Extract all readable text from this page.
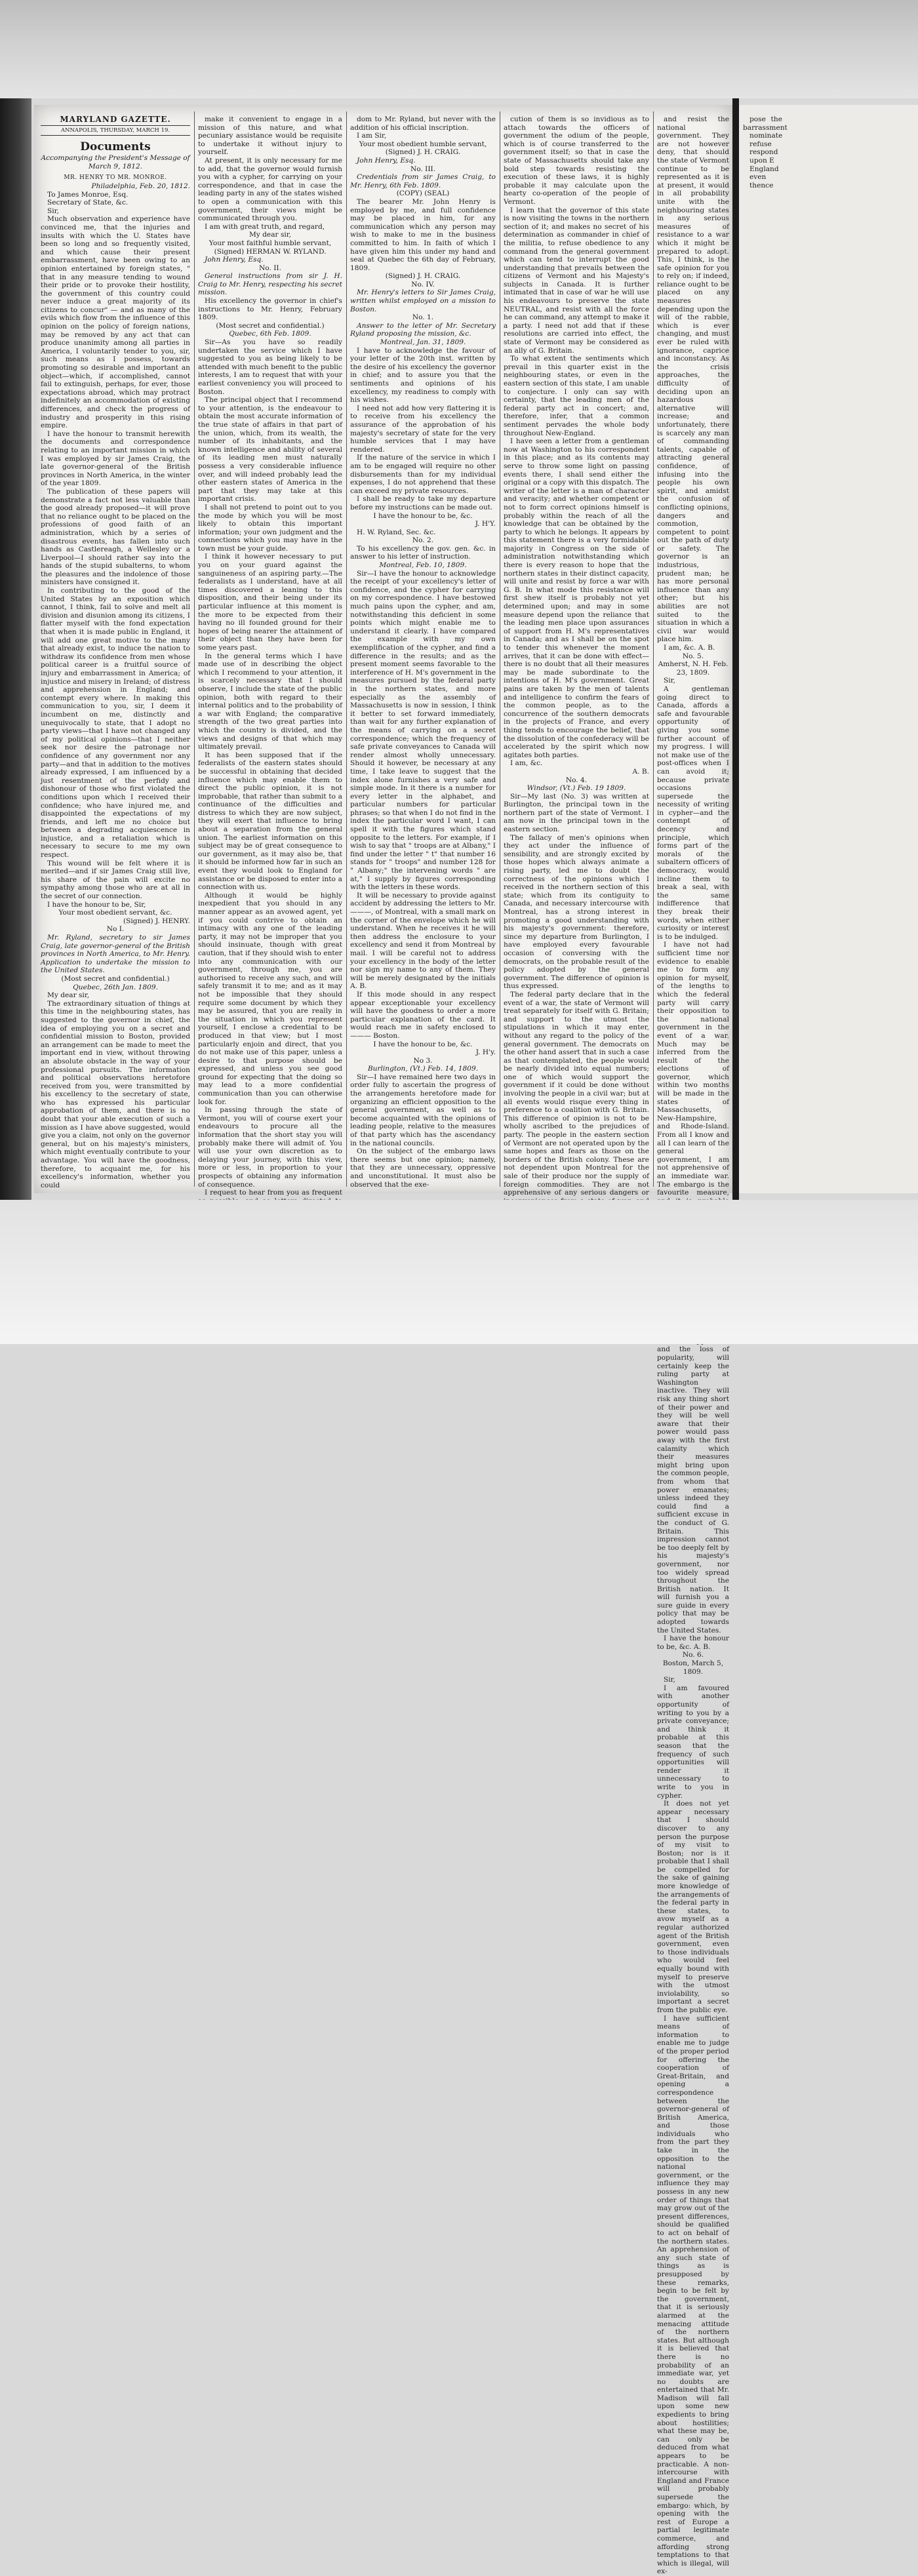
MARYLAND GAZETTE.

ANNAPOLIS, THURSDAY, MARCH 19.

Documents

Accompanying the President's Message of March 9, 1812.

MR. HENRY TO MR. MONROE.

Philadelphia, Feb. 20, 1812.

To James Monroe, Esq.

Secretary of State, &c.

Sir,

Much observation and experience have convinced me, that the injuries and insults with which the U. States have been so long and so frequently visited, and which cause their present embarrassment, have been owing to an opinion entertained by foreign states, " that in any measure tending to wound their pride or to provoke their hostility, the government of this country could never induce a great majority of its citizens to concur" — and as many of the evils which flow from the influence of this opinion on the policy of foreign nations, may be removed by any act that can produce unanimity among all parties in America, I voluntarily tender to you, sir, such means as I possess, towards promoting so desirable and important an object—which, if accomplished, cannot fail to extinguish, perhaps, for ever, those expectations abroad, which may protract indefinitely an accommodation of existing differences, and check the progress of industry and prosperity in this rising empire.

I have the honour to transmit herewith the documents and correspondence relating to an important mission in which I was employed by sir James Craig, the late governor-general of the British provinces in North America, in the winter of the year 1809.

The publication of these papers will demonstrate a fact not less valuable than the good already proposed—it will prove that no reliance ought to be placed on the professions of good faith of an administration, which by a series of disastrous events, has fallen into such hands as Castlereagh, a Wellesley or a Liverpool—I should rather say into the hands of the stupid subalterns, to whom the pleasures and the indolence of those ministers have consigned it.

In contributing to the good of the United States by an exposition which cannot, I think, fail to solve and melt all division and disunion among its citizens, I flatter myself with the fond expectation that when it is made public in England, it will add one great motive to the many that already exist, to induce the nation to withdraw its confidence from men whose political career is a fruitful source of injury and embarrassment in America; of injustice and misery in Ireland; of distress and apprehension in England; and contempt every where. In making this communication to you, sir, I deem it incumbent on me, distinctly and unequivocally to state, that I adopt no party views—that I have not changed any of my political opinions—that I neither seek nor desire the patronage nor confidence of any government nor any party—and that in addition to the motives already expressed, I am influenced by a just resentment of the perfidy and dishonour of those who first violated the conditions upon which I received their confidence; who have injured me, and disappointed the expectations of my friends, and left me no choice but between a degrading acquiescence in injustice, and a retaliation which is necessary to secure to me my own respect.

This wound will be felt where it is merited—and if sir James Craig still live, his share of the pain will excite no sympathy among those who are at all in the secret of our connection.

I have the honour to be, Sir,

Your most obedient servant, &c.

(Signed) J. HENRY.

No I.

Mr. Ryland, secretary to sir James Craig, late governor-general of the British provinces in North America, to Mr. Henry. Application to undertake the mission to the United States.

(Most secret and confidential.)

Quebec, 26th Jan. 1809.

My dear sir,

The extraordinary situation of things at this time in the neighbouring states, has suggested to the governor in chief, the idea of employing you on a secret and confidential mission to Boston, provided an arrangement can be made to meet the important end in view, without throwing an absolute obstacle in the way of your professional pursuits. The information and political observations heretofore received from you, were transmitted by his excellency to the secretary of state, who has expressed his particular approbation of them, and there is no doubt that your able execution of such a mission as I have above suggested, would give you a claim, not only on the governor general, but on his majesty's ministers, which might eventually contribute to your advantage. You will have the goodness, therefore, to acquaint me, for his excellency's information, whether you could

make it convenient to engage in a mission of this nature, and what pecuniary assistance would be requisite to undertake it without injury to yourself.

At present, it is only necessary for me to add, that the governor would furnish you with a cypher, for carrying on your correspondence, and that in case the leading party in any of the states wished to open a communication with this government, their views might be communicated through you.

I am with great truth, and regard,

My dear sir,

Your most faithful humble servant,

(Signed) HERMAN W. RYLAND.

John Henry, Esq.

No. II.

General instructions from sir J. H. Craig to Mr. Henry, respecting his secret mission.

His excellency the governor in chief's instructions to Mr. Henry, February 1809.

(Most secret and confidential.)

Quebec, 6th Feb. 1809.

Sir—As you have so readily undertaken the service which I have suggested to you as being likely to be attended with much benefit to the public interests, I am to request that with your earliest conveniency you will proceed to Boston.

The principal object that I recommend to your attention, is the endeavour to obtain the most accurate information of the true state of affairs in that part of the union, which, from its wealth, the number of its inhabitants, and the known intelligence and ability of several of its leading men must naturally possess a very considerable influence over, and will indeed probably lead the other eastern states of America in the part that they may take at this important crisis.

I shall not pretend to point out to you the mode by which you will be most likely to obtain this important information; your own judgment and the connections which you may have in the town must be your guide.

I think it however necessary to put you on your guard against the sanguineness of an aspiring party.—The federalists as I understand, have at all times discovered a leaning to this disposition, and their being under its particular influence at this moment is the more to be expected from their having no ill founded ground for their hopes of being nearer the attainment of their object than they have been for some years past.

In the general terms which I have made use of in describing the object which I recommend to your attention, it is scarcely necessary that I should observe, I include the state of the public opinion, both with regard to their internal politics and to the probability of a war with England; the comparative strength of the two great parties into which the country is divided, and the views and designs of that which may ultimately prevail.

It has been supposed that if the federalists of the eastern states should be successful in obtaining that decided influence which may enable them to direct the public opinion, it is not improbable, that rather than submit to a continuance of the difficulties and distress to which they are now subject, they will exert that influence to bring about a separation from the general union. The earliest information on this subject may be of great consequence to our government, as it may also be, that it should be informed how far in such an event they would look to England for assistance or be disposed to enter into a connection with us.

Although it would be highly inexpedient that you should in any manner appear as an avowed agent, yet if you could contrive to obtain an intimacy with any one of the leading party, it may not be improper that you should insinuate, though with great caution, that if they should wish to enter into any communication with our government, through me, you are authorised to receive any such, and will safely transmit it to me; and as it may not be impossible that they should require some document by which they may be assured, that you are really in the situation in which you represent yourself, I enclose a credential to be produced in that view; but I most particularly enjoin and direct, that you do not make use of this paper, unless a desire to that purpose should be expressed, and unless you see good ground for expecting that the doing so may lead to a more confidential communication than you can otherwise look for.

In passing through the state of Vermont, you will of course exert your endeavours to procure all the information that the short stay you will probably make there will admit of. You will use your own discretion as to delaying your journey, with this view, more or less, in proportion to your prospects of obtaining any information of consequence.

I request to hear from you as frequent

dom to Mr. Ryland, but never with the addition of his official inscription.

I am Sir,

Your most obedient humble servant,

(Signed) J. H. CRAIG.

John Henry, Esq.

No. III.

Credentials from sir James Craig, to Mr. Henry, 6th Feb. 1809.

(COPY) (SEAL)

The bearer Mr. John Henry is employed by me, and full confidence may be placed in him, for any communication which any person may wish to make to me in the business committed to him. In faith of which I have given him this under my hand and seal at Quebec the 6th day of February, 1809.

(Signed) J. H. CRAIG.

No. IV.

Mr. Henry's letters to Sir James Craig, written whilst employed on a mission to Boston.

No. 1.

Answer to the letter of Mr. Secretary Ryland proposing the mission, &c.

Montreal, Jan. 31, 1809.

I have to acknowledge the favour of your letter of the 20th inst. written by the desire of his excellency the governor in chief; and to assure you that the sentiments and opinions of his excellency, my readiness to comply with his wishes.

I need not add how very flattering it is to receive from his excellency the assurance of the approbation of his majesty's secretary of state for the very humble services that I may have rendered.

If the nature of the service in which I am to be engaged will require no other disbursements than for my individual expenses, I do not apprehend that these can exceed my private resources.

I shall be ready to take my departure before my instructions can be made out.

I have the honour to be, &c.

J. H'Y.

H. W. Ryland, Sec. &c.

No. 2.

To his excellency the gov. gen. &c. in answer to his letter of instruction.

Montreal, Feb. 10, 1809.

Sir—I have the honour to acknowledge the receipt of your excellency's letter of confidence, and the cypher for carrying on my correspondence. I have bestowed much pains upon the cypher, and am, notwithstanding this deficient in some points which might enable me to understand it clearly. I have compared the example with my own exemplification of the cypher, and find a difference in the results; and as the present moment seems favorable to the interference of H. M's government in the measures pursued by the federal party in the northern states, and more especially as the assembly of Massachusetts is now in session, I think it better to set forward immediately, than wait for any further explanation of the means of carrying on a secret correspondence; which the frequency of safe private conveyances to Canada will render almost wholly unnecessary. Should it however, be necessary at any time, I take leave to suggest that the index alone furnishes a very safe and simple mode. In it there is a number for every letter in the alphabet, and particular numbers for particular phrases; so that when I do not find in the index the particular word I want, I can spell it with the figures which stand opposite to the letters. For example, if I wish to say that " troops are at Albany," I find under the letter " t" that number 16 stands for " troops" and number 128 for " Albany;" the intervening words " are at," I supply by figures corresponding with the letters in these words.

It will be necessary to provide against accident by addressing the letters to Mr. ———, of Montreal, with a small mark on the corner of the envelope which he will understand. When he receives it he will then address the enclosure to your excellency and send it from Montreal by mail. I will be careful not to address your excellency in the body of the letter nor sign my name to any of them. They will be merely designated by the initials A. B.

If this mode should in any respect appear exceptionable your excellency will have the goodness to order a more particular explanation of the card. It would reach me in safety enclosed to ——— Boston.

I have the honour to be, &c.

J. H'y.

No 3.

Burlington, (Vt.) Feb. 14, 1809.

Sir—I have remained here two days in order fully to ascertain the progress of the arrangements heretofore made for organizing an efficient opposition to the general government, as well as to become acquainted with the opinions of leading people, relative to the measures of that party which has the ascendancy in the national councils.

On the subject of the embargo laws there seems but one opinion; namely, that they are unnecessary, oppressive and unconstitutional. It must also be observed that the exe-

cution of them is so invidious as to attach towards the officers of government the odium of the people, which is of course transferred to the government itself; so that in case the state of Massachusetts should take any bold step towards resisting the execution of these laws, it is highly probable it may calculate upon the hearty co-operation of the people of Vermont.

I learn that the governor of this state is now visiting the towns in the northern section of it; and makes no secret of his determination as commander in chief of the militia, to refuse obedience to any command from the general government which can tend to interrupt the good understanding that prevails between the citizens of Vermont and his Majesty's subjects in Canada. It is further intimated that in case of war he will use his endeavours to preserve the state NEUTRAL, and resist with all the force he can command, any attempt to make it a party. I need not add that if these resolutions are carried into effect, the state of Vermont may be considered as an ally of G. Britain.

To what extent the sentiments which prevail in this quarter exist in the neighbouring states, or even in the eastern section of this state, I am unable to conjecture. I only can say with certainty, that the leading men of the federal party act in concert; and, therefore, infer, that a common sentiment pervades the whole body throughout New-England.

I have seen a letter from a gentleman now at Washington to his correspondent in this place; and as its contents may serve to throw some light on passing events there, I shall send either the original or a copy with this dispatch. The writer of the letter is a man of character and veracity; and whether competent or not to form correct opinions himself is probably within the reach of all the knowledge that can be obtained by the party to which he belongs. It appears by this statement there is a very formidable majority in Congress on the side of administration notwithstanding which there is every reason to hope that the northern states in their distinct capacity, will unite and resist by force a war with G. B. In what mode this resistance will first shew itself is probably not yet determined upon; and may in some measure depend upon the reliance that the leading men place upon assurances of support from H. M's representatives in Canada; and as I shall be on the spot to tender this whenever the moment arrives, that it can be done with effect—there is no doubt that all their measures may be made subordinate to the intentions of H. M's government. Great pains are taken by the men of talents and intelligence to confirm the fears of the common people, as to the concurrence of the southern democrats in the projects of France, and every thing tends to encourage the belief, that the dissolution of the confederacy will be accelerated by the spirit which now agitates both parties.

I am, &c.

A. B.

No. 4.

Windsor, (Vt.) Feb. 19 1809.

Sir—My last (No. 3) was written at Burlington, the principal town in the northern part of the state of Vermont. I am now in the principal town in the eastern section.

The fallacy of men's opinions when they act under the influence of sensibility, and are strongly excited by those hopes which always animate a rising party, led me to doubt the correctness of the opinions which I received in the northern section of this state; which from its contiguity to Canada, and necessary intercourse with Montreal, has a strong interest in promoting a good understanding with his majesty's government: therefore, since my departure from Burlington, I have employed every favourable occasion of conversing with the democrats, on the probable result of the policy adopted by the general government. The difference of opinion is thus expressed.

The federal party declare that in the event of a war, the state of Vermont will treat separately for itself with G. Britain; and support to the utmost the stipulations in which it may enter, without any regard to the policy of the general government. The democrats on the other hand assert that in such a case as that contemplated, the people would be nearly divided into equal numbers; one of which would support the government if it could be done without involving the people in a civil war; but at all events would risque every thing in preference to a coalition with G. Britain. This difference of opinion is not to be wholly ascribed to the prejudices of party. The people in the eastern section of Vermont are not operated upon by the same hopes and fears as those on the borders of the British colony. These are not dependent upon Montreal for the sale of their produce nor the supply of foreign commodities. They are not apprehensive of any serious dangers or

and resist the national government. They are not however deny, that should the state of Vermont continue to be represented as it is at present, it would in all probability unite with the neighbouring states in any serious measures of resistance to a war which it might be prepared to adopt. This, I think, is the safe opinion for you to rely on; if indeed, reliance ought to be placed on any measures depending upon the will of the rabble, which is ever changing, and must ever be ruled with ignorance, caprice and inconstancy. As the crisis approaches, the difficulty of deciding upon an hazardous alternative will increase; and unfortunately, there is scarcely any man of commanding talents, capable of attracting general confidence, of infusing into the people his own spirit, and amidst the confusion of conflicting opinions, dangers and commotion, competent to point out the path of duty or safety. The governor is an industrious, prudent man; he has more personal influence than any other; but his abilities are not suited to the situation in which a civil war would place him.

I am, &c. A. B.

No. 5.

Amherst, N. H. Feb. 23, 1809.

Sir,

A gentleman going direct to Canada, affords a safe and favourable opportunity of giving you some further account of my progress. I will not make use of the post-offices when I can avoid it; because private occasions supersede the necessity of writing in cypher—and the contempt of decency and principle, which forms part of the morals of the subaltern officers of democracy, would incline them to break a seal, with the same indifference that they break their words, when either curiosity or interest is to be indulged.

I have not had sufficient time nor evidence to enable me to form any opinion for myself, of the lengths to which the federal party will carry their opposition to the national government in the event of a war. Much may be inferred from the result of the elections of governor, which within two months will be made in the states of Massachusetts, New-Hampshire, and Rhode-Island. From all I know and all I can learn of the general government, I am not apprehensive of an immediate war. The embargo is the favourite measure, and the loss of popularity, will certainly keep the ruling party at Washington inactive. They will risk any thing short of their power and they will be well aware that their power would pass away with the first calamity which their measures might bring upon the common people, from whom that power emanates; unless indeed they could find a sufficient excuse in the conduct of G. Britain. This impression cannot be too deeply felt by his majesty's government, nor too widely spread throughout the British nation. It will furnish you a sure guide in every policy that may be adopted towards the United States.

I have the honour to be, &c. A. B.

No. 6.

Boston, March 5, 1809.

Sir,

I am favoured with another opportunity of writing to you by a private conveyance; and think it probable at this season that the frequency of such opportunities will render it unnecessary to write to you in cypher.

It does not yet appear necessary that I should discover to any person the purpose of my visit to Boston; nor is it probable that I shall be compelled for the sake of gaining more knowledge of the arrangements of the federal party in these states, to avow myself as a regular authorized agent of the British government, even to those individuals who would feel equally bound with myself to preserve with the utmost inviolability, so important a secret from the public eye.

I have sufficient means of information to enable me to judge of the proper period for offering the cooperation of Great-Britain, and opening a correspondence between the governor-general of British America, and those individuals who from the part they take in the opposition to the national government, or the influence they may possess in any new order of things that may grow out of the present differences, should be qualified to act on behalf of the northern states. An apprehension of any such state of things as is presupposed by these remarks, begin to be felt by the government, that it is seriously alarmed at the menacing attitude of the northern states. But although it is believed that there is no probability of an immediate war, yet no doubts are entertained that Mr. Madison will fall upon some new expedients to bring about hostilities; what these may be, can only be deduced from what appears to be practicable. A non-intercourse with England and France will probably supersede the embargo: which, by opening with the rest of Europe a partial legitimate commerce, and affording strong temptations to that which is illegal, will ex-

pose the barrassment

nominate

refuse

respond

upon E

England

even

thence
